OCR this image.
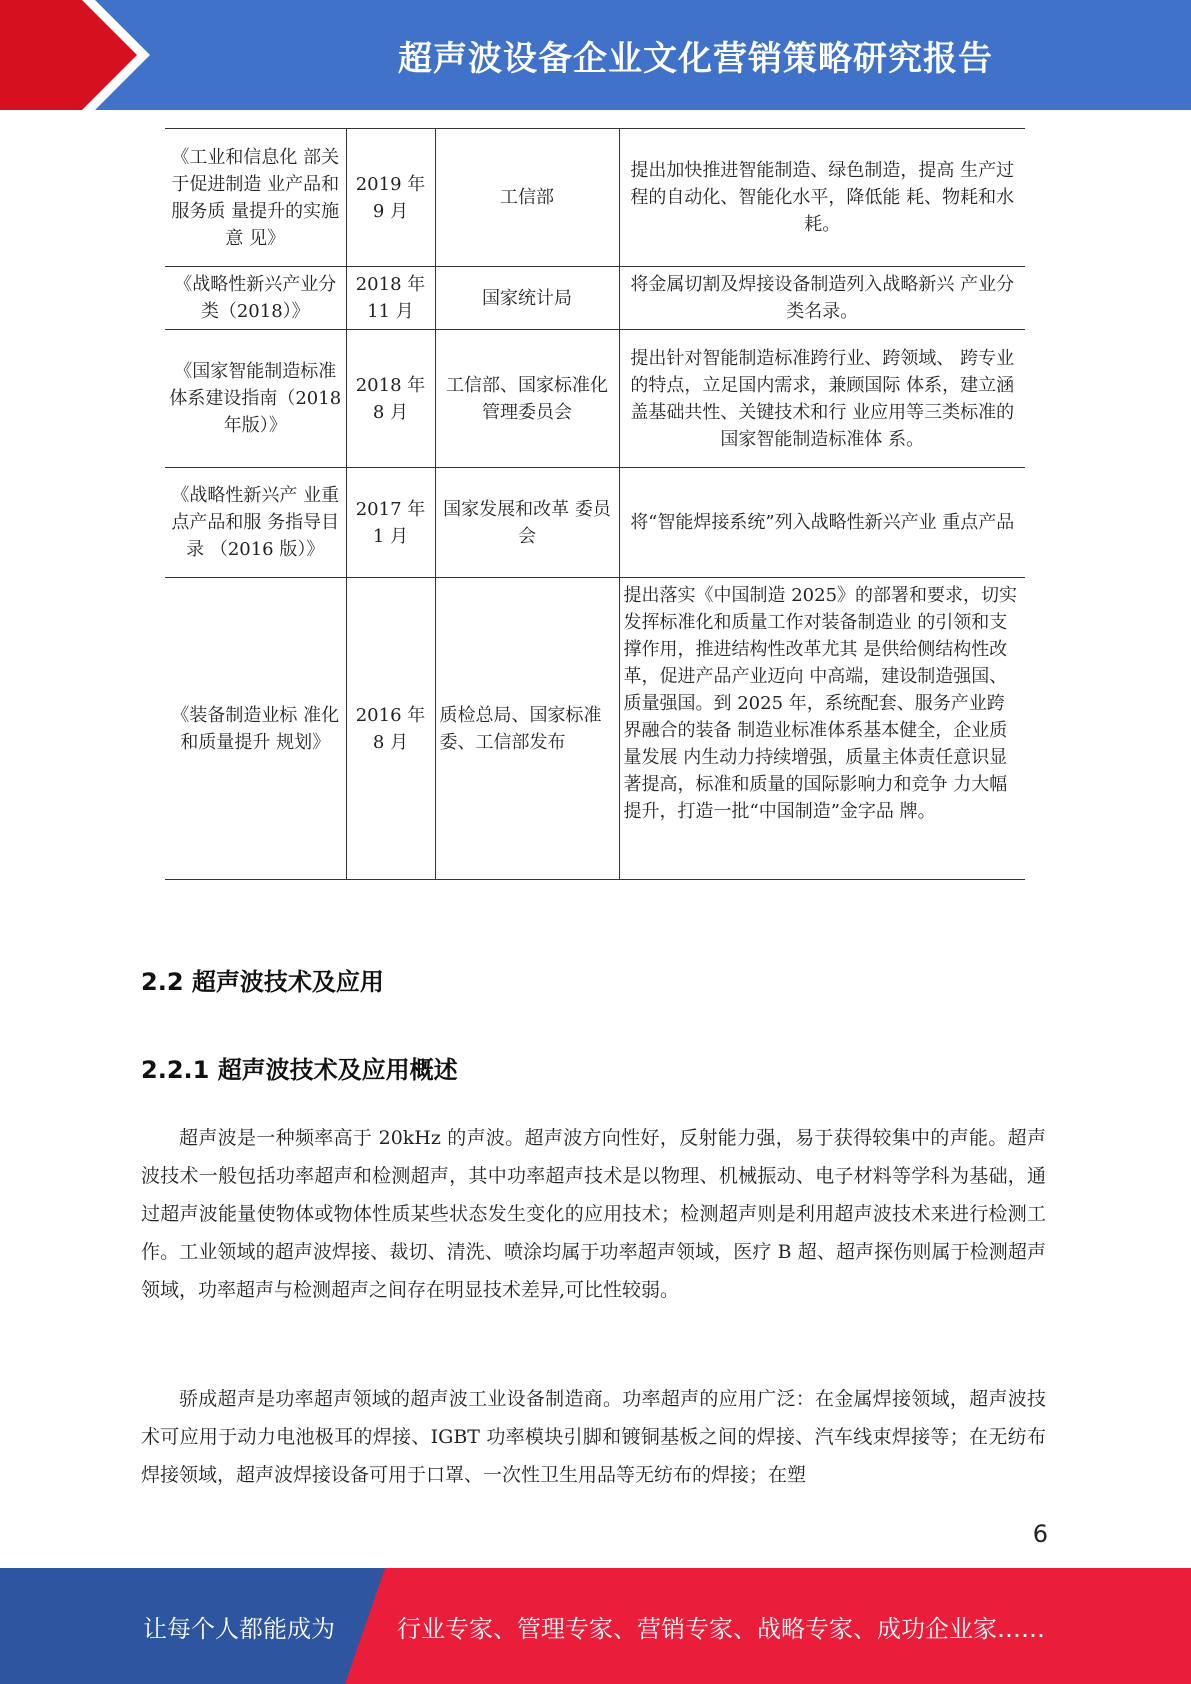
超声波设备企业文化营销策略研究报告
《工业和信息化 部关于促进制造 业产品和服务质 量提升的实施意 见》	2019 年 9 月	工信部	提出加快推进智能制造、绿色制造，提高 生产过程的自动化、智能化水平，降低能 耗、物耗和水耗。
《战略性新兴产业分类（2018）》	2018 年 11 月	国家统计局	将金属切割及焊接设备制造列入战略新兴 产业分类名录。
《国家智能制造标准体系建设指南（2018 年版）》	2018 年 8 月	工信部、国家标准化管理委员会	提出针对智能制造标准跨行业、跨领域、 跨专业的特点，立足国内需求，兼顾国际 体系，建立涵盖基础共性、关键技术和行 业应用等三类标准的国家智能制造标准体 系。
《战略性新兴产 业重点产品和服 务指导目录 （2016 版）》	2017 年 1 月	国家发展和改革 委员会	将“智能焊接系统”列入战略性新兴产业 重点产品
《装备制造业标 准化和质量提升 规划》	2016 年 8 月	质检总局、国家标准委、工信部发布	提出落实《中国制造 2025》的部署和要求，切实发挥标准化和质量工作对装备制造业 的引领和支撑作用，推进结构性改革尤其 是供给侧结构性改革，促进产品产业迈向 中高端，建设制造强国、质量强国。到 2025 年，系统配套、服务产业跨界融合的装备 制造业标准体系基本健全，企业质量发展 内生动力持续增强，质量主体责任意识显 著提高，标准和质量的国际影响力和竞争 力大幅提升，打造一批“中国制造”金字品 牌。
2.2 超声波技术及应用
2.2.1 超声波技术及应用概述

超声波是一种频率高于 20kHz 的声波。超声波方向性好，反射能力强，易于获得较集中的声能。超声波技术一般包括功率超声和检测超声，其中功率超声技术是以物理、机械振动、电子材料等学科为基础，通过超声波能量使物体或物体性质某些状态发生变化的应用技术；检测超声则是利用超声波技术来进行检测工作。工业领域的超声波焊接、裁切、清洗、喷涂均属于功率超声领域，医疗 B 超、超声探伤则属于检测超声领域，功率超声与检测超声之间存在明显技术差异,可比性较弱。

骄成超声是功率超声领域的超声波工业设备制造商。功率超声的应用广泛：在金属焊接领域，超声波技术可应用于动力电池极耳的焊接、IGBT 功率模块引脚和镀铜基板之间的焊接、汽车线束焊接等；在无纺布焊接领域，超声波焊接设备可用于口罩、一次性卫生用品等无纺布的焊接；在塑

6
让每个人都能成为	行业专家、管理专家、营销专家、战略专家、成功企业家……
